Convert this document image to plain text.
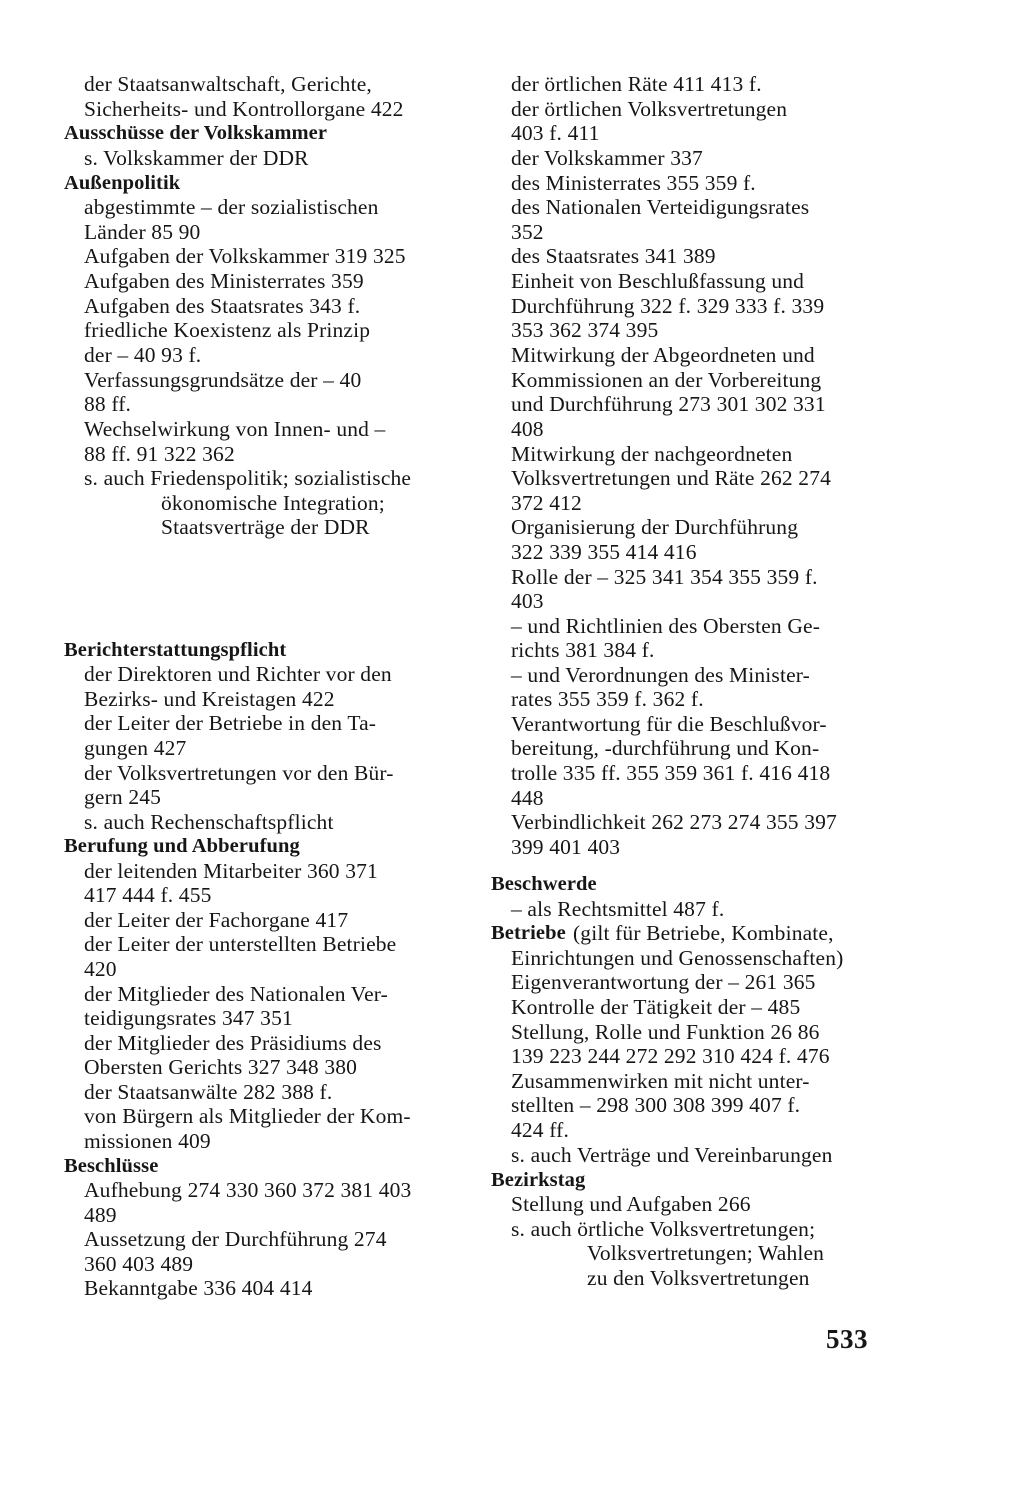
der Staatsanwaltschaft, Gerichte,
Sicherheits- und Kontrollorgane 422
Ausschüsse der Volkskammer
s. Volkskammer der DDR
Außenpolitik
abgestimmte – der sozialistischen
Länder 85 90
Aufgaben der Volkskammer 319 325
Aufgaben des Ministerrates 359
Aufgaben des Staatsrates 343 f.
friedliche Koexistenz als Prinzip
der – 40 93 f.
Verfassungsgrundsätze der – 40
88 ff.
Wechselwirkung von Innen- und –
88 ff. 91 322 362
s. auch Friedenspolitik; sozialistische
ökonomische Integration;
Staatsverträge der DDR
Berichterstattungspflicht
der Direktoren und Richter vor den
Bezirks- und Kreistagen 422
der Leiter der Betriebe in den Ta-
gungen 427
der Volksvertretungen vor den Bür-
gern 245
s. auch Rechenschaftspflicht
Berufung und Abberufung
der leitenden Mitarbeiter 360 371
417 444 f. 455
der Leiter der Fachorgane 417
der Leiter der unterstellten Betriebe
420
der Mitglieder des Nationalen Ver-
teidigungsrates 347 351
der Mitglieder des Präsidiums des
Obersten Gerichts 327 348 380
der Staatsanwälte 282 388 f.
von Bürgern als Mitglieder der Kom-
missionen 409
Beschlüsse
Aufhebung 274 330 360 372 381 403
489
Aussetzung der Durchführung 274
360 403 489
Bekanntgabe 336 404 414
der örtlichen Räte 411 413 f.
der örtlichen Volksvertretungen
403 f. 411
der Volkskammer 337
des Ministerrates 355 359 f.
des Nationalen Verteidigungsrates
352
des Staatsrates 341 389
Einheit von Beschlußfassung und
Durchführung 322 f. 329 333 f. 339
353 362 374 395
Mitwirkung der Abgeordneten und
Kommissionen an der Vorbereitung
und Durchführung 273 301 302 331
408
Mitwirkung der nachgeordneten
Volksvertretungen und Räte 262 274
372 412
Organisierung der Durchführung
322 339 355 414 416
Rolle der – 325 341 354 355 359 f.
403
– und Richtlinien des Obersten Ge-
richts 381 384 f.
– und Verordnungen des Minister-
rates 355 359 f. 362 f.
Verantwortung für die Beschlußvor-
bereitung, -durchführung und Kon-
trolle 335 ff. 355 359 361 f. 416 418
448
Verbindlichkeit 262 273 274 355 397
399 401 403
Beschwerde
– als Rechtsmittel 487 f.
Betriebe (gilt für Betriebe, Kombinate,
Einrichtungen und Genossenschaften)
Eigenverantwortung der – 261 365
Kontrolle der Tätigkeit der – 485
Stellung, Rolle und Funktion 26 86
139 223 244 272 292 310 424 f. 476
Zusammenwirken mit nicht unter-
stellten – 298 300 308 399 407 f.
424 ff.
s. auch Verträge und Vereinbarungen
Bezirkstag
Stellung und Aufgaben 266
s. auch örtliche Volksvertretungen;
Volksvertretungen; Wahlen
zu den Volksvertretungen
533
